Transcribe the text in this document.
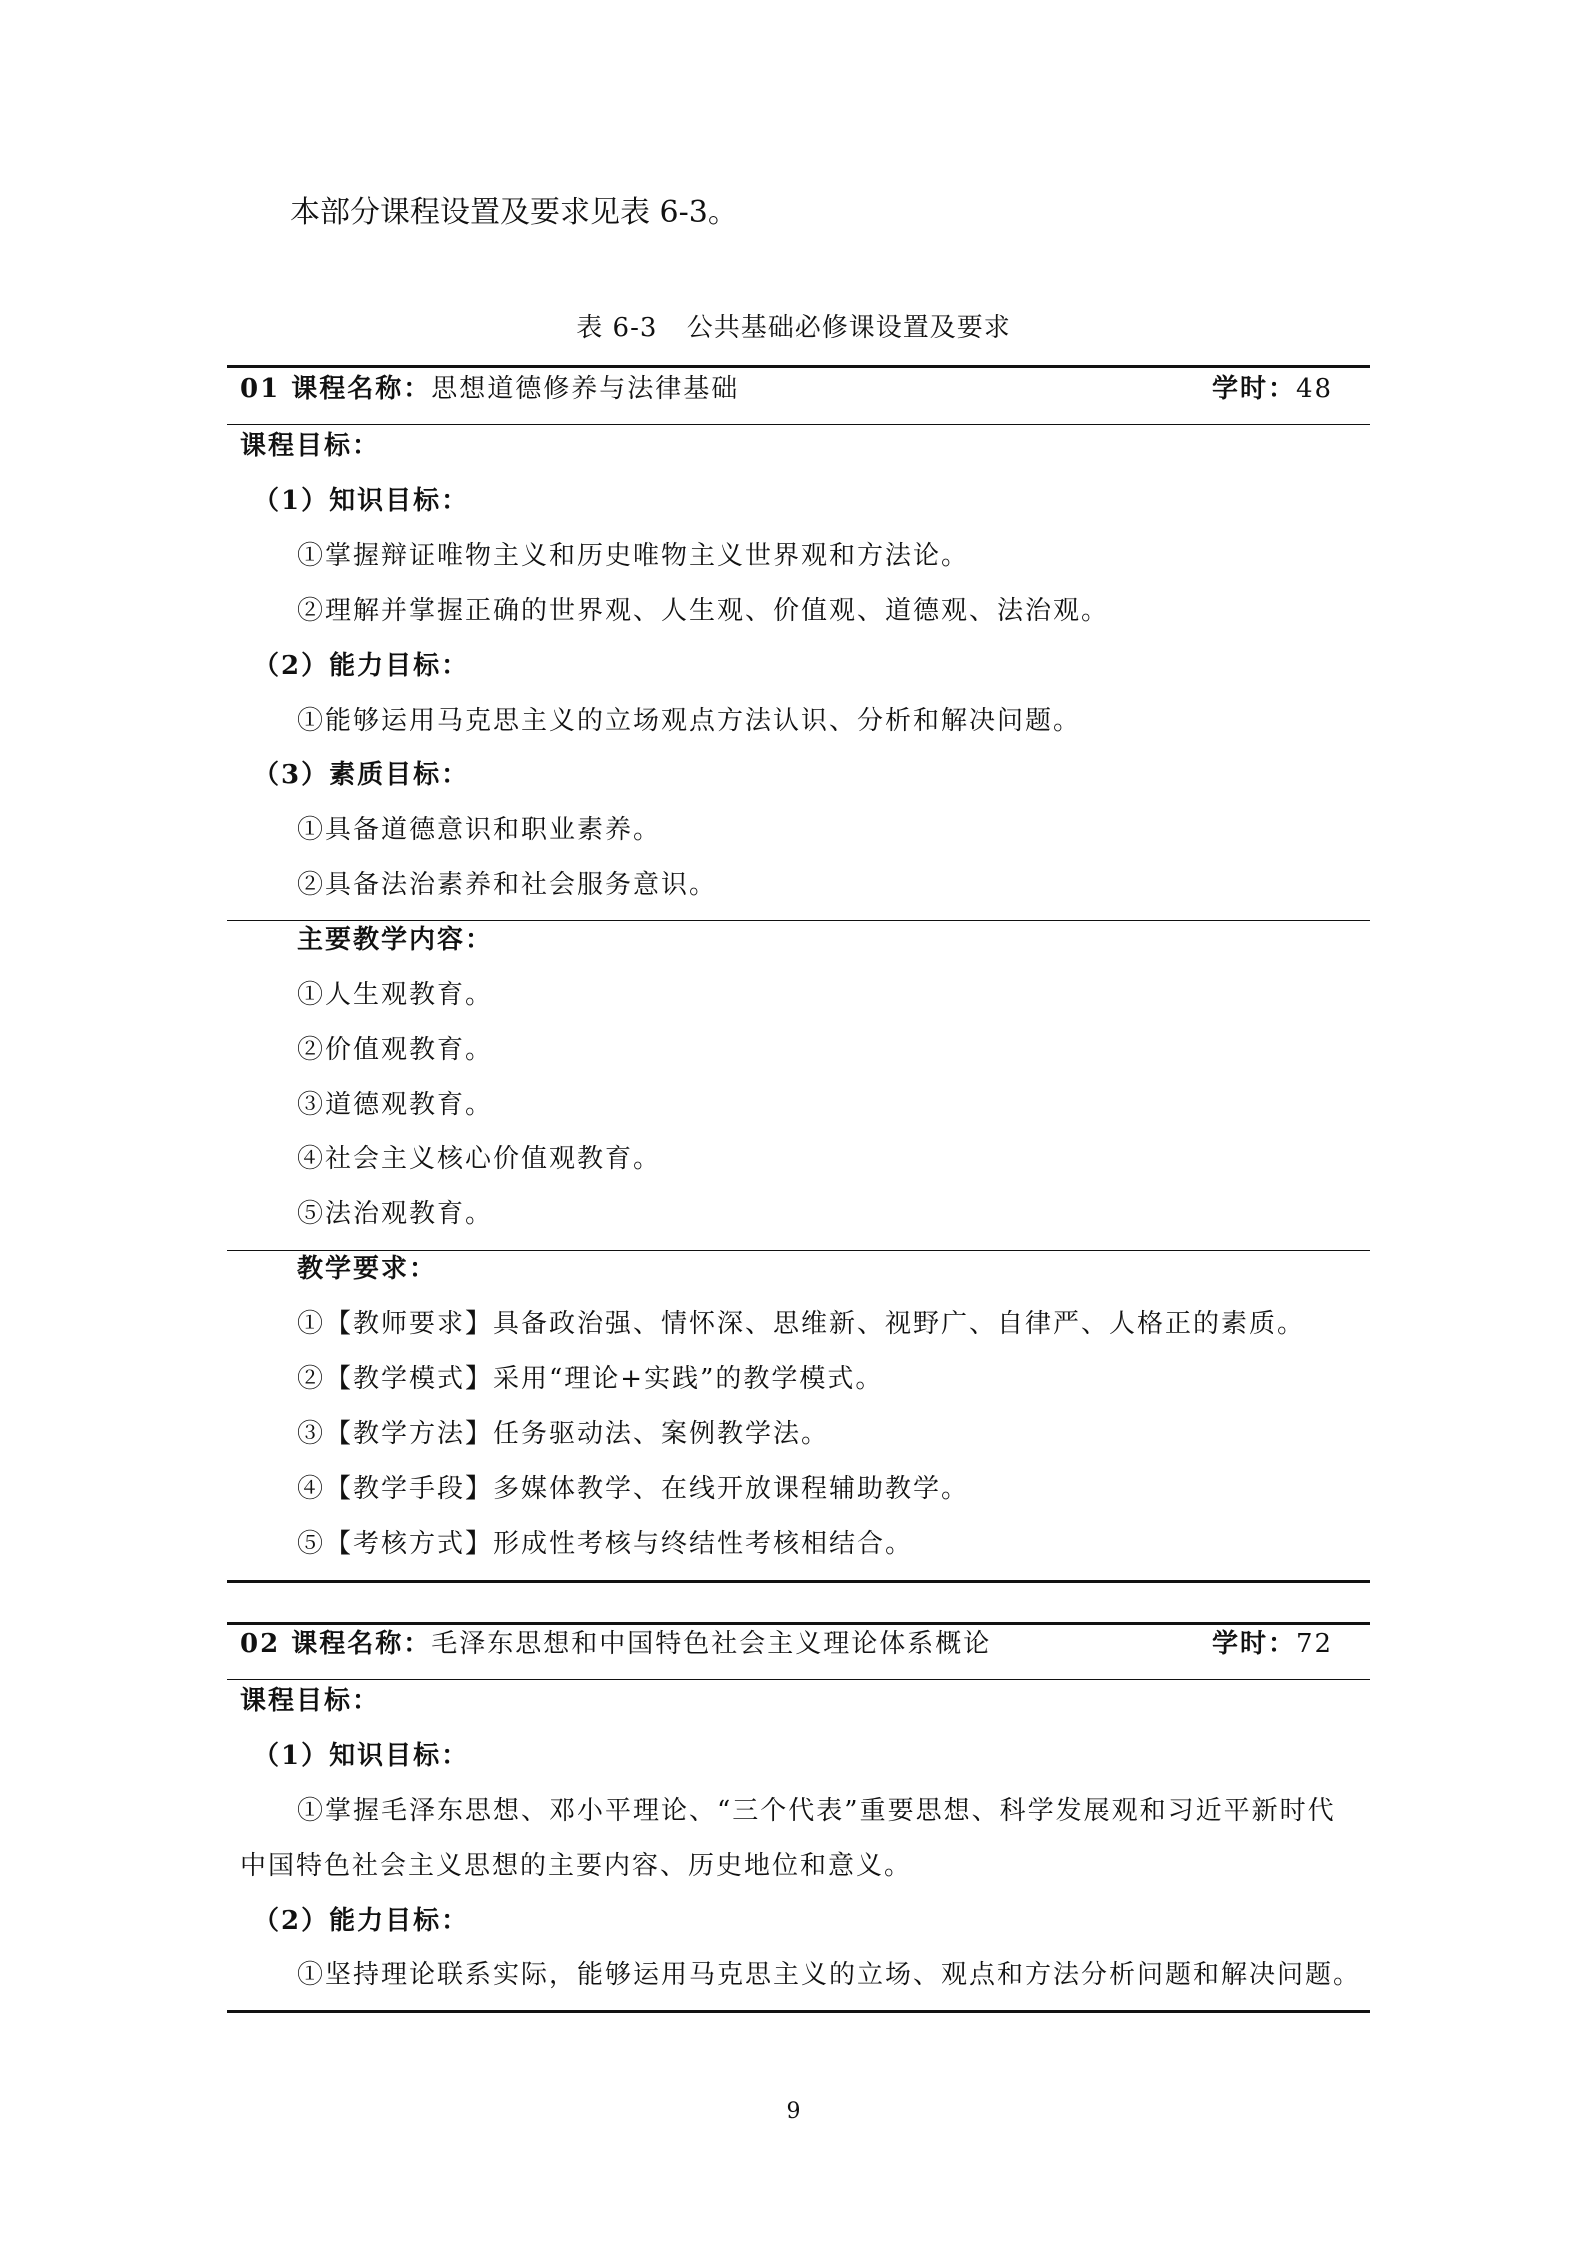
本部分课程设置及要求见表 6-3。
表 6-3 公共基础必修课设置及要求
01 课程名称：思想道德修养与法律基础	学时：48
课程目标：
（1）知识目标：
①掌握辩证唯物主义和历史唯物主义世界观和方法论。
②理解并掌握正确的世界观、人生观、价值观、道德观、法治观。
（2）能力目标：
①能够运用马克思主义的立场观点方法认识、分析和解决问题。
（3）素质目标：
①具备道德意识和职业素养。
②具备法治素养和社会服务意识。
主要教学内容：
①人生观教育。
②价值观教育。
③道德观教育。
④社会主义核心价值观教育。
⑤法治观教育。
教学要求：
①【教师要求】具备政治强、情怀深、思维新、视野广、自律严、人格正的素质。
②【教学模式】采用“理论+实践”的教学模式。
③【教学方法】任务驱动法、案例教学法。
④【教学手段】多媒体教学、在线开放课程辅助教学。
⑤【考核方式】形成性考核与终结性考核相结合。
02 课程名称：毛泽东思想和中国特色社会主义理论体系概论	学时：72
课程目标：
（1）知识目标：
①掌握毛泽东思想、邓小平理论、“三个代表”重要思想、科学发展观和习近平新时代
中国特色社会主义思想的主要内容、历史地位和意义。
（2）能力目标：
①坚持理论联系实际，能够运用马克思主义的立场、观点和方法分析问题和解决问题。
9
